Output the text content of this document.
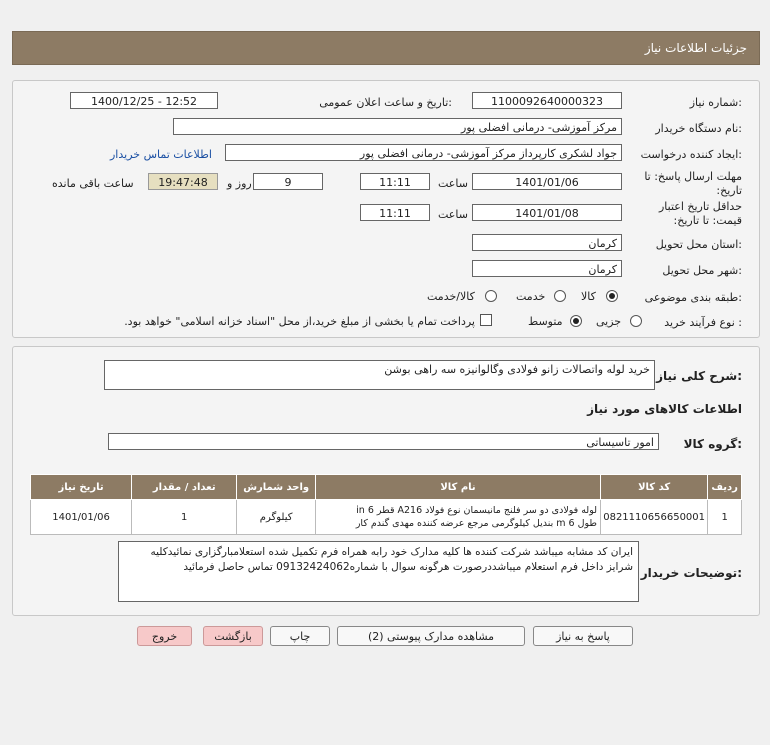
جزئیات اطلاعات نیاز
شماره نیاز:
1100092640000323
تاریخ و ساعت اعلان عمومی:
1400/12/25 - 12:52
نام دستگاه خریدار:
مرکز آموزشی- درمانی افضلی پور
ایجاد کننده درخواست:
جواد لشکری کارپرداز مرکز آموزشی- درمانی افضلی پور
اطلاعات تماس خریدار
مهلت ارسال پاسخ: تا تاریخ:
1401/01/06
ساعت
11:11
9
روز و
19:47:48
ساعت باقی مانده
حداقل تاریخ اعتبار قیمت: تا تاریخ:
1401/01/08
ساعت
11:11
استان محل تحویل:
کرمان
شهر محل تحویل:
کرمان
طبقه بندی موضوعی:
کالا
خدمت
کالا/خدمت
نوع فرآیند خرید :
جزیی
متوسط
پرداخت تمام یا بخشی از مبلغ خرید،از محل "اسناد خزانه اسلامی" خواهد بود.
شرح کلی نیاز:
خرید لوله واتصالات زانو فولادی وگالوانیزه سه راهی بوشن
اطلاعات کالاهای مورد نیاز
گروه کالا:
امور تاسیساتی
تاریخ نیاز	تعداد / مقدار	واحد شمارش	نام کالا	کد کالا	ردیف
1401/01/06	1	کیلوگرم	لوله فولادی دو سر فلنج مانیسمان نوع فولاد A216 قطر in 6
طول m 6 بندیل کیلوگرمی مرجع عرضه کننده مهدی گندم کار	0821110656650001	1
توضیحات خریدار:
ایران کد مشابه میباشد شرکت کننده ها کلیه مدارک خود رابه همراه فرم تکمیل شده استعلامبارگزاری نمائیدکلیه شرایز داخل فرم استعلام میباشددرصورت هرگونه سوال با شماره09132424062 تماس حاصل فرمائید
پاسخ به نیاز
مشاهده مدارک پیوستی (2)
چاپ
بازگشت
خروج
